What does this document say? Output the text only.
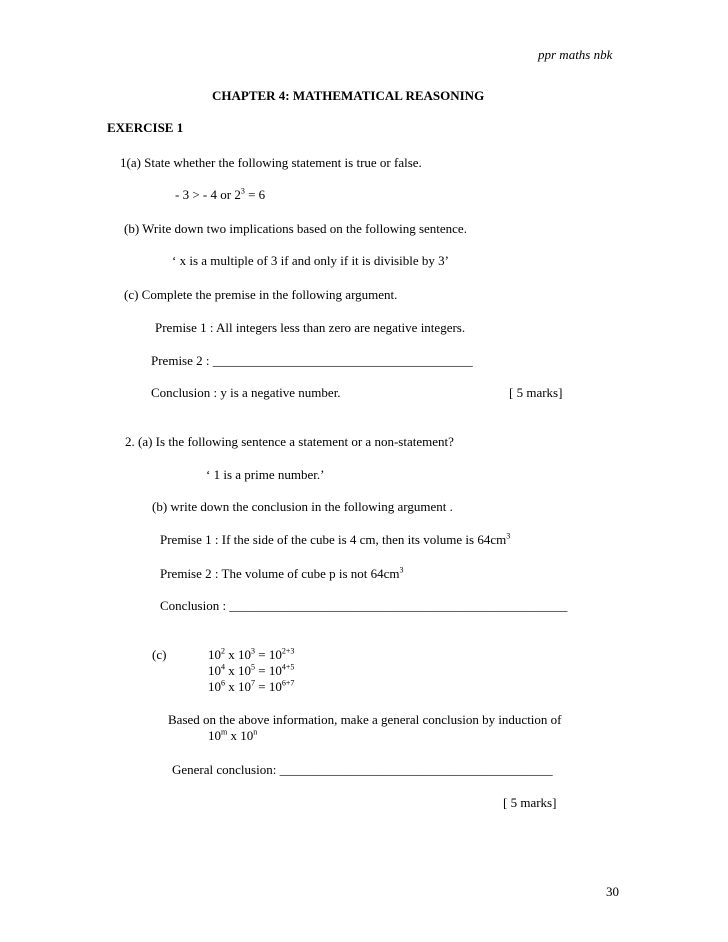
ppr maths nbk
CHAPTER 4: MATHEMATICAL REASONING
EXERCISE 1
1(a) State whether the following statement is true or false.
- 3 > - 4 or $2^3 = 6$
(b) Write down two implications based on the following sentence.
‘ x is a multiple of 3 if and only if it is divisible by 3’
(c) Complete the premise in the following argument.
Premise 1 : All integers less than zero are negative integers.
Premise 2 : ________________________________________
Conclusion : y is a negative number.	[ 5 marks]
2. (a) Is the following sentence a statement or a non-statement?
‘ 1 is a prime number.’
(b) write down the conclusion in the following argument .
Premise 1 : If the side of the cube is 4 cm, then its volume is $64cm^3$
Premise 2 : The volume of cube p is not $64cm^3$
Conclusion : ____________________________________________________
(c)	$10^2$ x $10^3 = 10^{2+3}$
$10^4$ x $10^5 = 10^{4+5}$
$10^6$ x $10^7 = 10^{6+7}$
Based on the above information, make a general conclusion by induction of
10$^m$ x 10$^n$
General conclusion: __________________________________________
[ 5 marks]
30
